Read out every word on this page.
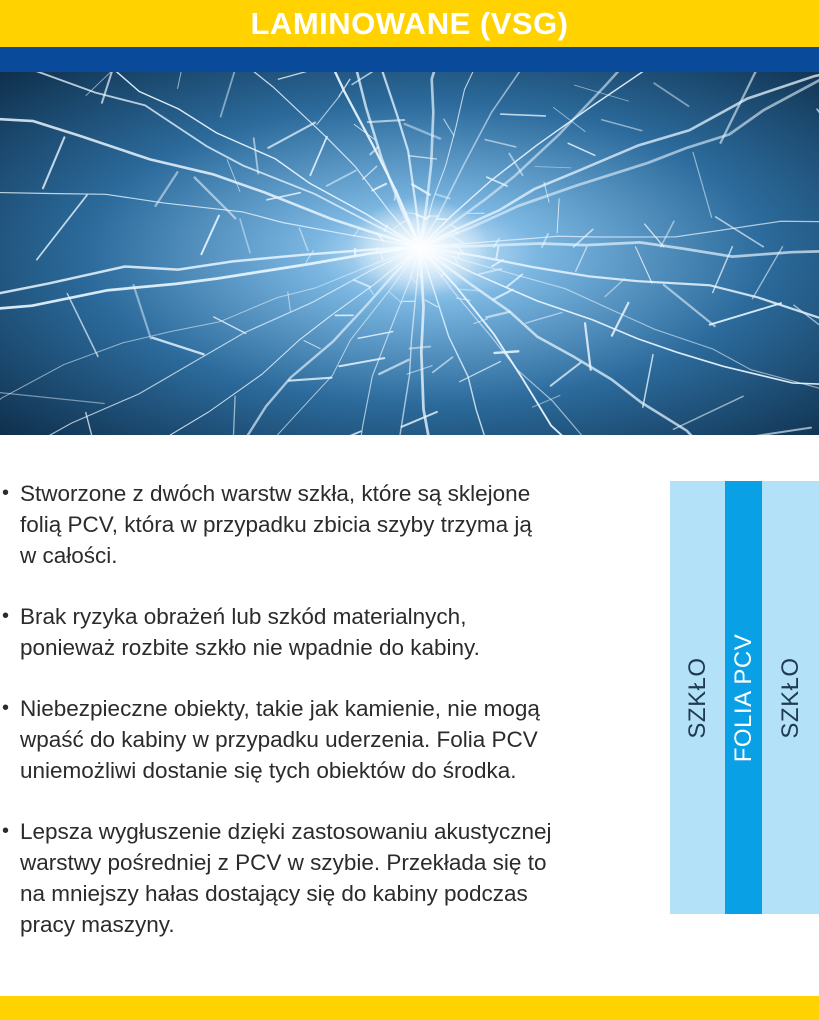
LAMINOWANE (VSG)
• Stworzone z dwóch warstw szkła, które są sklejone
folią PCV, która w przypadku zbicia szyby trzyma ją
w całości.
• Brak ryzyka obrażeń lub szkód materialnych,
ponieważ rozbite szkło nie wpadnie do kabiny.
• Niebezpieczne obiekty, takie jak kamienie, nie mogą
wpaść do kabiny w przypadku uderzenia. Folia PCV
uniemożliwi dostanie się tych obiektów do środka.
• Lepsza wygłuszenie dzięki zastosowaniu akustycznej
warstwy pośredniej z PCV w szybie. Przekłada się to
na mniejszy hałas dostający się do kabiny podczas
pracy maszyny.
SZKŁO FOLIA PCV SZKŁO
